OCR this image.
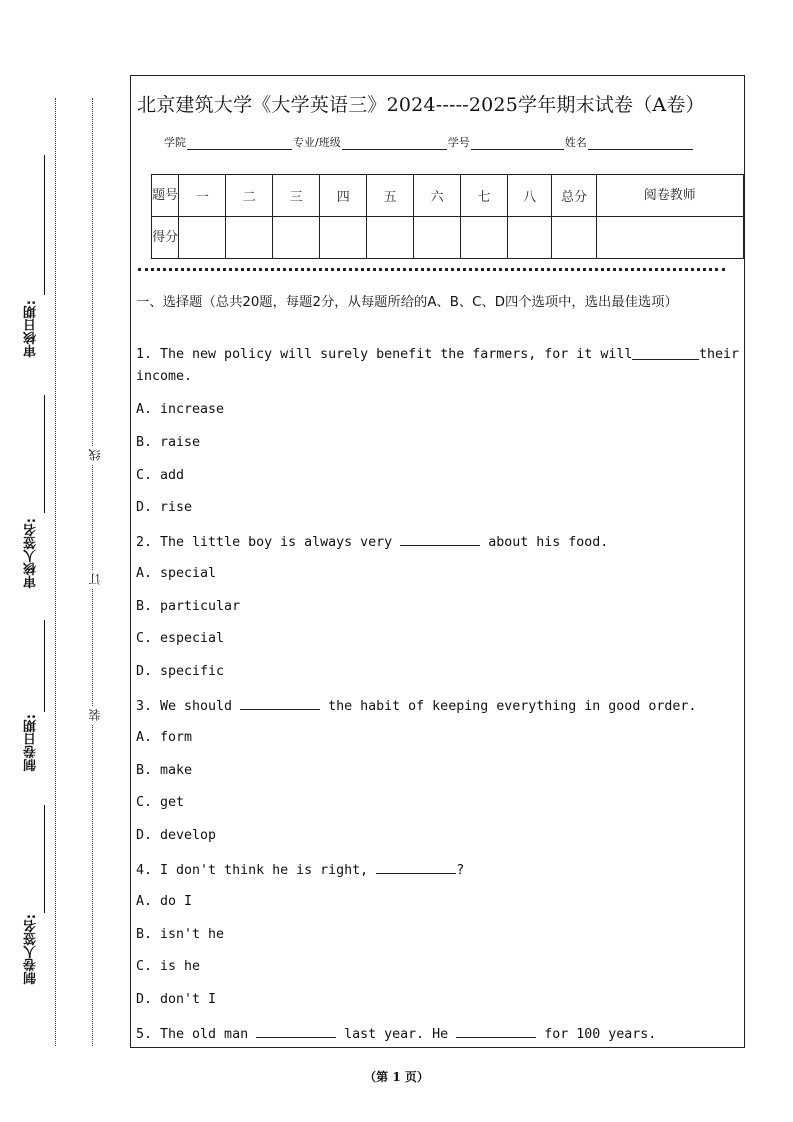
审核日期:
审核人签名:
制卷日期:
制卷人签名:
线
订
装
北京建筑大学《大学英语三》2024-----2025学年期末试卷（A卷）
学院	专业/班级	学号	姓名
题号	一	二	三	四	五	六	七	八	总分	阅卷教师
得分										
一、选择题（总共20题，每题2分，从每题所给的A、B、C、D四个选项中，选出最佳选项）
1. The new policy will surely benefit the farmers, for it will	their
income.
A. increase
B. raise
C. add
D. rise
2. The little boy is always very	about his food.
A. special
B. particular
C. especial
D. specific
3. We should	the habit of keeping everything in good order.
A. form
B. make
C. get
D. develop
4. I don't think he is right,	?
A. do I
B. isn't he
C. is he
D. don't I
5. The old man	last year. He	for 100 years.
（第 1 页）
